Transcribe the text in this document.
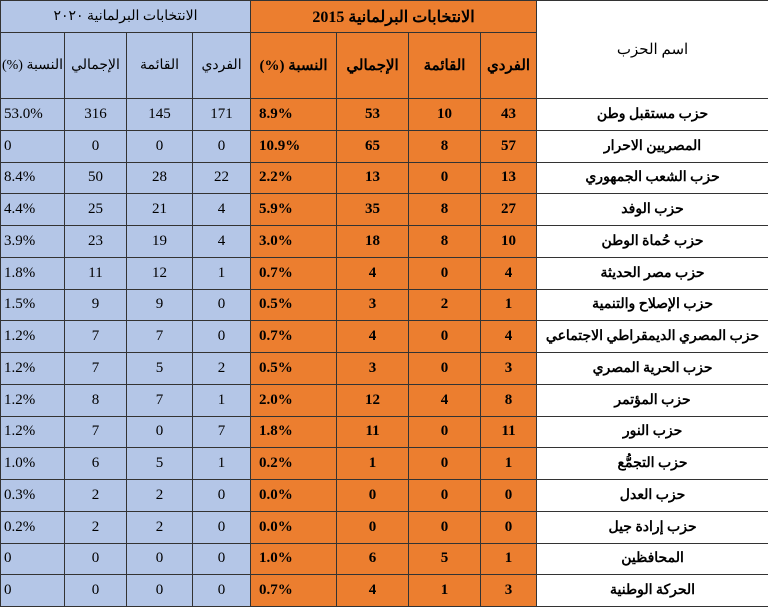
اسم الحزب	الانتخابات البرلمانية 2015				الانتخابات البرلمانية ٢٠٢٠			
	الفردي	القائمة	الإجمالي	النسبة (%)	الفردي	القائمة	الإجمالي	النسبة (%)
حزب مستقبل وطن	43	10	53	8.9%	171	145	316	53.0%
المصريين الاحرار	57	8	65	10.9%	0	0	0	0
حزب الشعب الجمهوري	13	0	13	2.2%	22	28	50	8.4%
حزب الوفد	27	8	35	5.9%	4	21	25	4.4%
حزب حُماة الوطن	10	8	18	3.0%	4	19	23	3.9%
حزب مصر الحديثة	4	0	4	0.7%	1	12	11	1.8%
حزب الإصلاح والتنمية	1	2	3	0.5%	0	9	9	1.5%
حزب المصري الديمقراطي الاجتماعي	4	0	4	0.7%	0	7	7	1.2%
حزب الحرية المصري	3	0	3	0.5%	2	5	7	1.2%
حزب المؤتمر	8	4	12	2.0%	1	7	8	1.2%
حزب النور	11	0	11	1.8%	7	0	7	1.2%
حزب التجمُّع	1	0	1	0.2%	1	5	6	1.0%
حزب العدل	0	0	0	0.0%	0	2	2	0.3%
حزب إرادة جيل	0	0	0	0.0%	0	2	2	0.2%
المحافظين	1	5	6	1.0%	0	0	0	0
الحركة الوطنية	3	1	4	0.7%	0	0	0	0
